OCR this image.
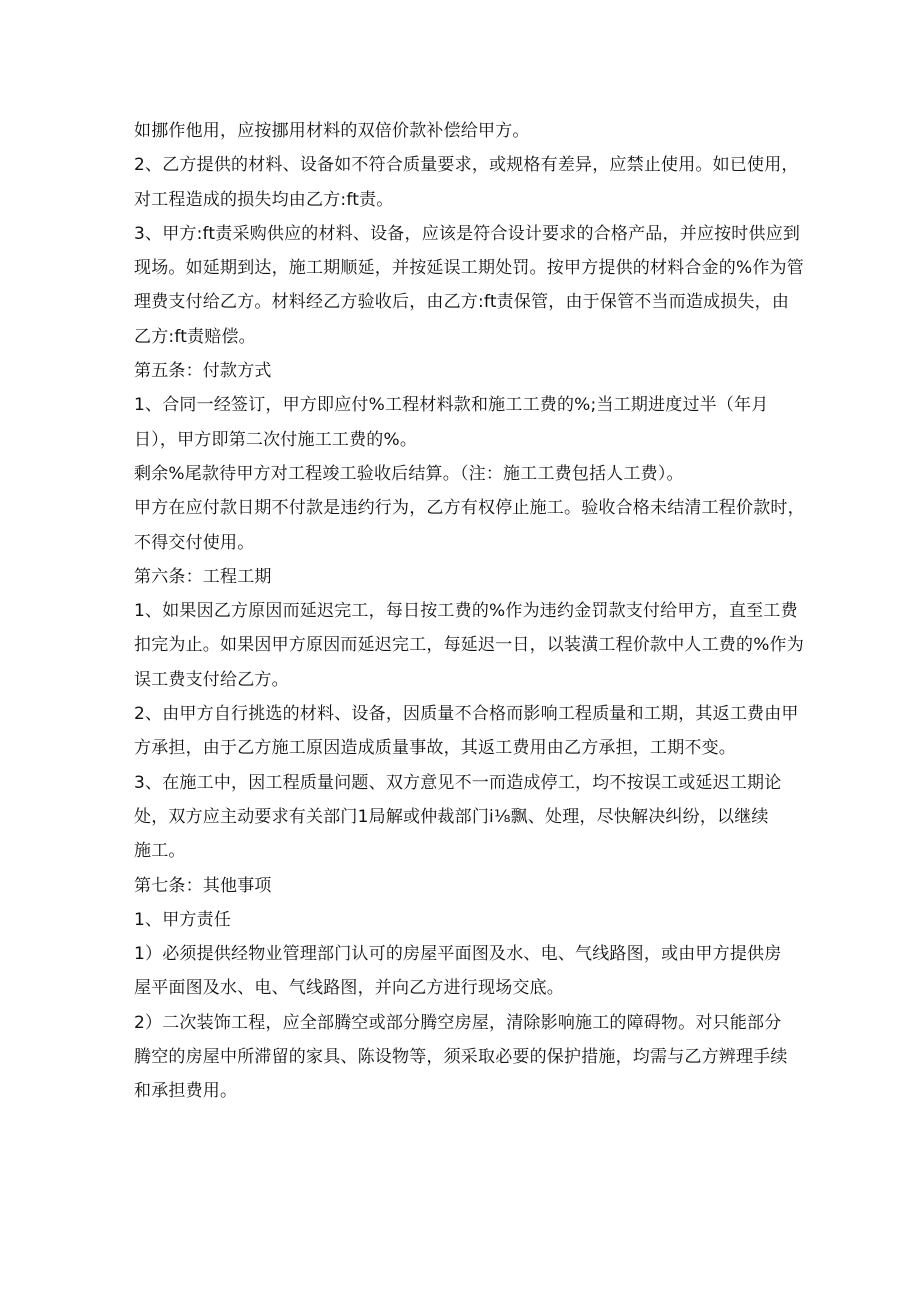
如挪作他用，应按挪用材料的双倍价款补偿给甲方。
2、乙方提供的材料、设备如不符合质量要求，或规格有差异，应禁止使用。如已使用，
对工程造成的损失均由乙方:ft责。
3、甲方:ft责采购供应的材料、设备，应该是符合设计要求的合格产品，并应按时供应到
现场。如延期到达，施工期顺延，并按延误工期处罚。按甲方提供的材料合金的%作为管
理费支付给乙方。材料经乙方验收后，由乙方:ft责保管，由于保管不当而造成损失，由
乙方:ft责赔偿。
第五条：付款方式
1、合同一经签订，甲方即应付%工程材料款和施工工费的%;当工期进度过半（年月
日），甲方即第二次付施工工费的%。
剩余%尾款待甲方对工程竣工验收后结算。（注：施工工费包括人工费）。
甲方在应付款日期不付款是违约行为，乙方有权停止施工。验收合格未结清工程价款时，
不得交付使用。
第六条：工程工期
1、如果因乙方原因而延迟完工，每日按工费的%作为违约金罚款支付给甲方，直至工费
扣完为止。如果因甲方原因而延迟完工，每延迟一日，以装潢工程价款中人工费的%作为
误工费支付给乙方。
2、由甲方自行挑选的材料、设备，因质量不合格而影响工程质量和工期，其返工费由甲
方承担，由于乙方施工原因造成质量事故，其返工费用由乙方承担，工期不变。
3、在施工中，因工程质量问题、双方意见不一而造成停工，均不按误工或延迟工期论
处，双方应主动要求有关部门1局解或仲裁部门i⅛飘、处理，尽快解决纠纷，以继续
施工。
第七条：其他事项
1、甲方责任
1）必须提供经物业管理部门认可的房屋平面图及水、电、气线路图，或由甲方提供房
屋平面图及水、电、气线路图，并向乙方进行现场交底。
2）二次装饰工程，应全部腾空或部分腾空房屋，清除影响施工的障碍物。对只能部分
腾空的房屋中所滞留的家具、陈设物等，须采取必要的保护措施，均需与乙方辨理手续
和承担费用。
